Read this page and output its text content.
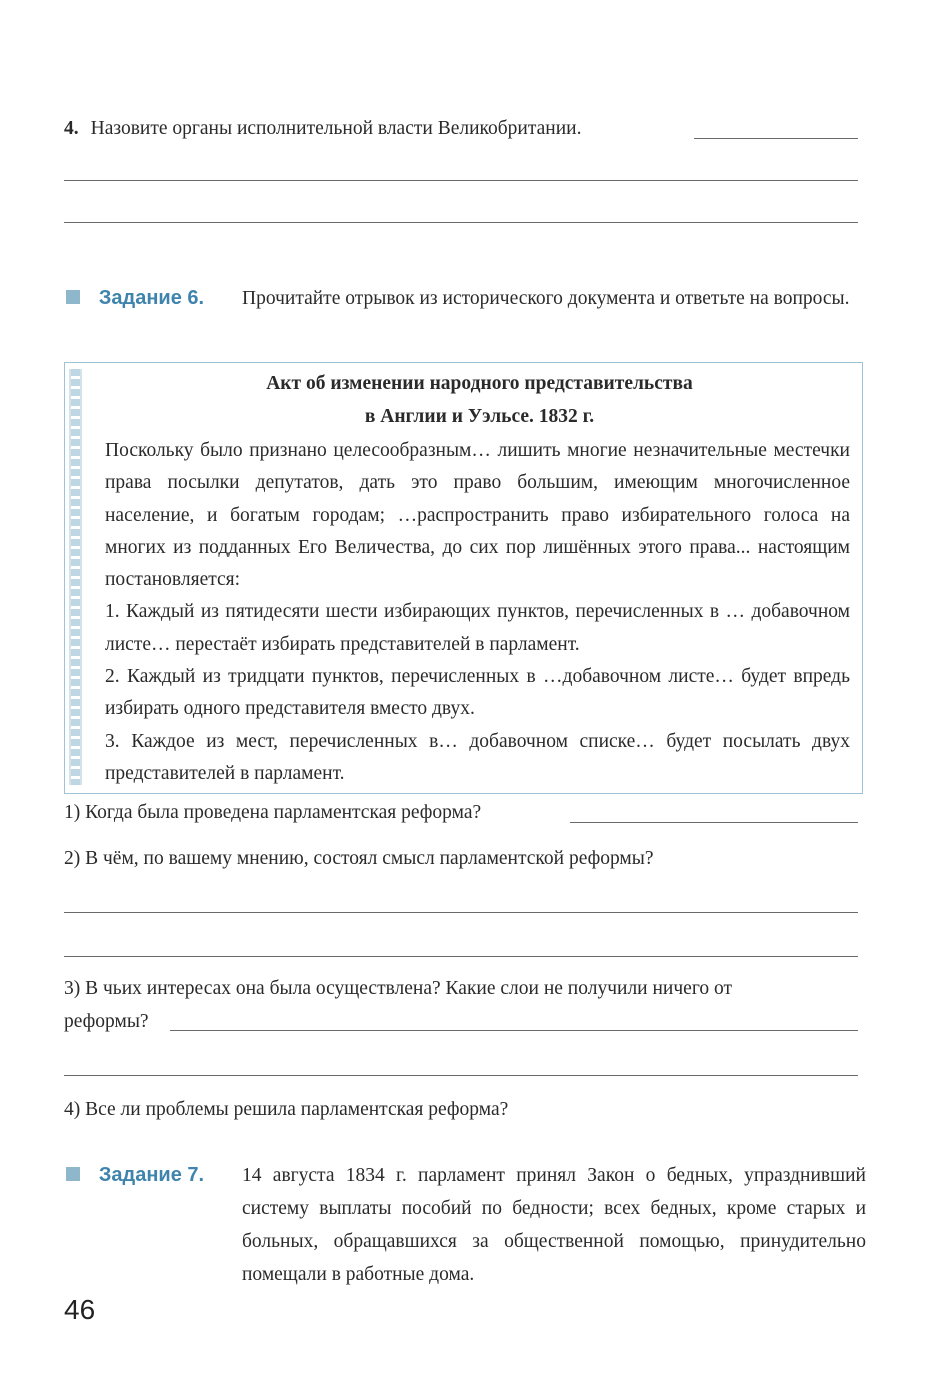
4. Назовите органы исполнительной власти Великобритании.
Задание 6. Прочитайте отрывок из исторического документа и ответьте на вопросы.
Акт об изменении народного представительства
в Англии и Уэльсе. 1832 г.

Поскольку было признано целесообразным… лишить многие незначительные местечки права посылки депутатов, дать это право большим, имеющим многочисленное население, и богатым городам; …распространить право избирательного голоса на многих из подданных Его Величества, до сих пор лишённых этого права... настоящим постановляется:

1. Каждый из пятидесяти шести избирающих пунктов, перечисленных в … добавочном листе… перестаёт избирать представителей в парламент.

2. Каждый из тридцати пунктов, перечисленных в …добавочном листе… будет впредь избирать одного представителя вместо двух.

3. Каждое из мест, перечисленных в… добавочном списке… будет посылать двух представителей в парламент.

1) Когда была проведена парламентская реформа?
2) В чём, по вашему мнению, состоял смысл парламентской реформы?
3) В чьих интересах она была осуществлена? Какие слои не получили ничего от
реформы?
4) Все ли проблемы решила парламентская реформа?
Задание 7. 14 августа 1834 г. парламент принял Закон о бедных, упразднивший систему выплаты пособий по бедности; всех бедных, кроме старых и больных, обращавшихся за общественной помощью, принудительно помещали в работные дома.
46
